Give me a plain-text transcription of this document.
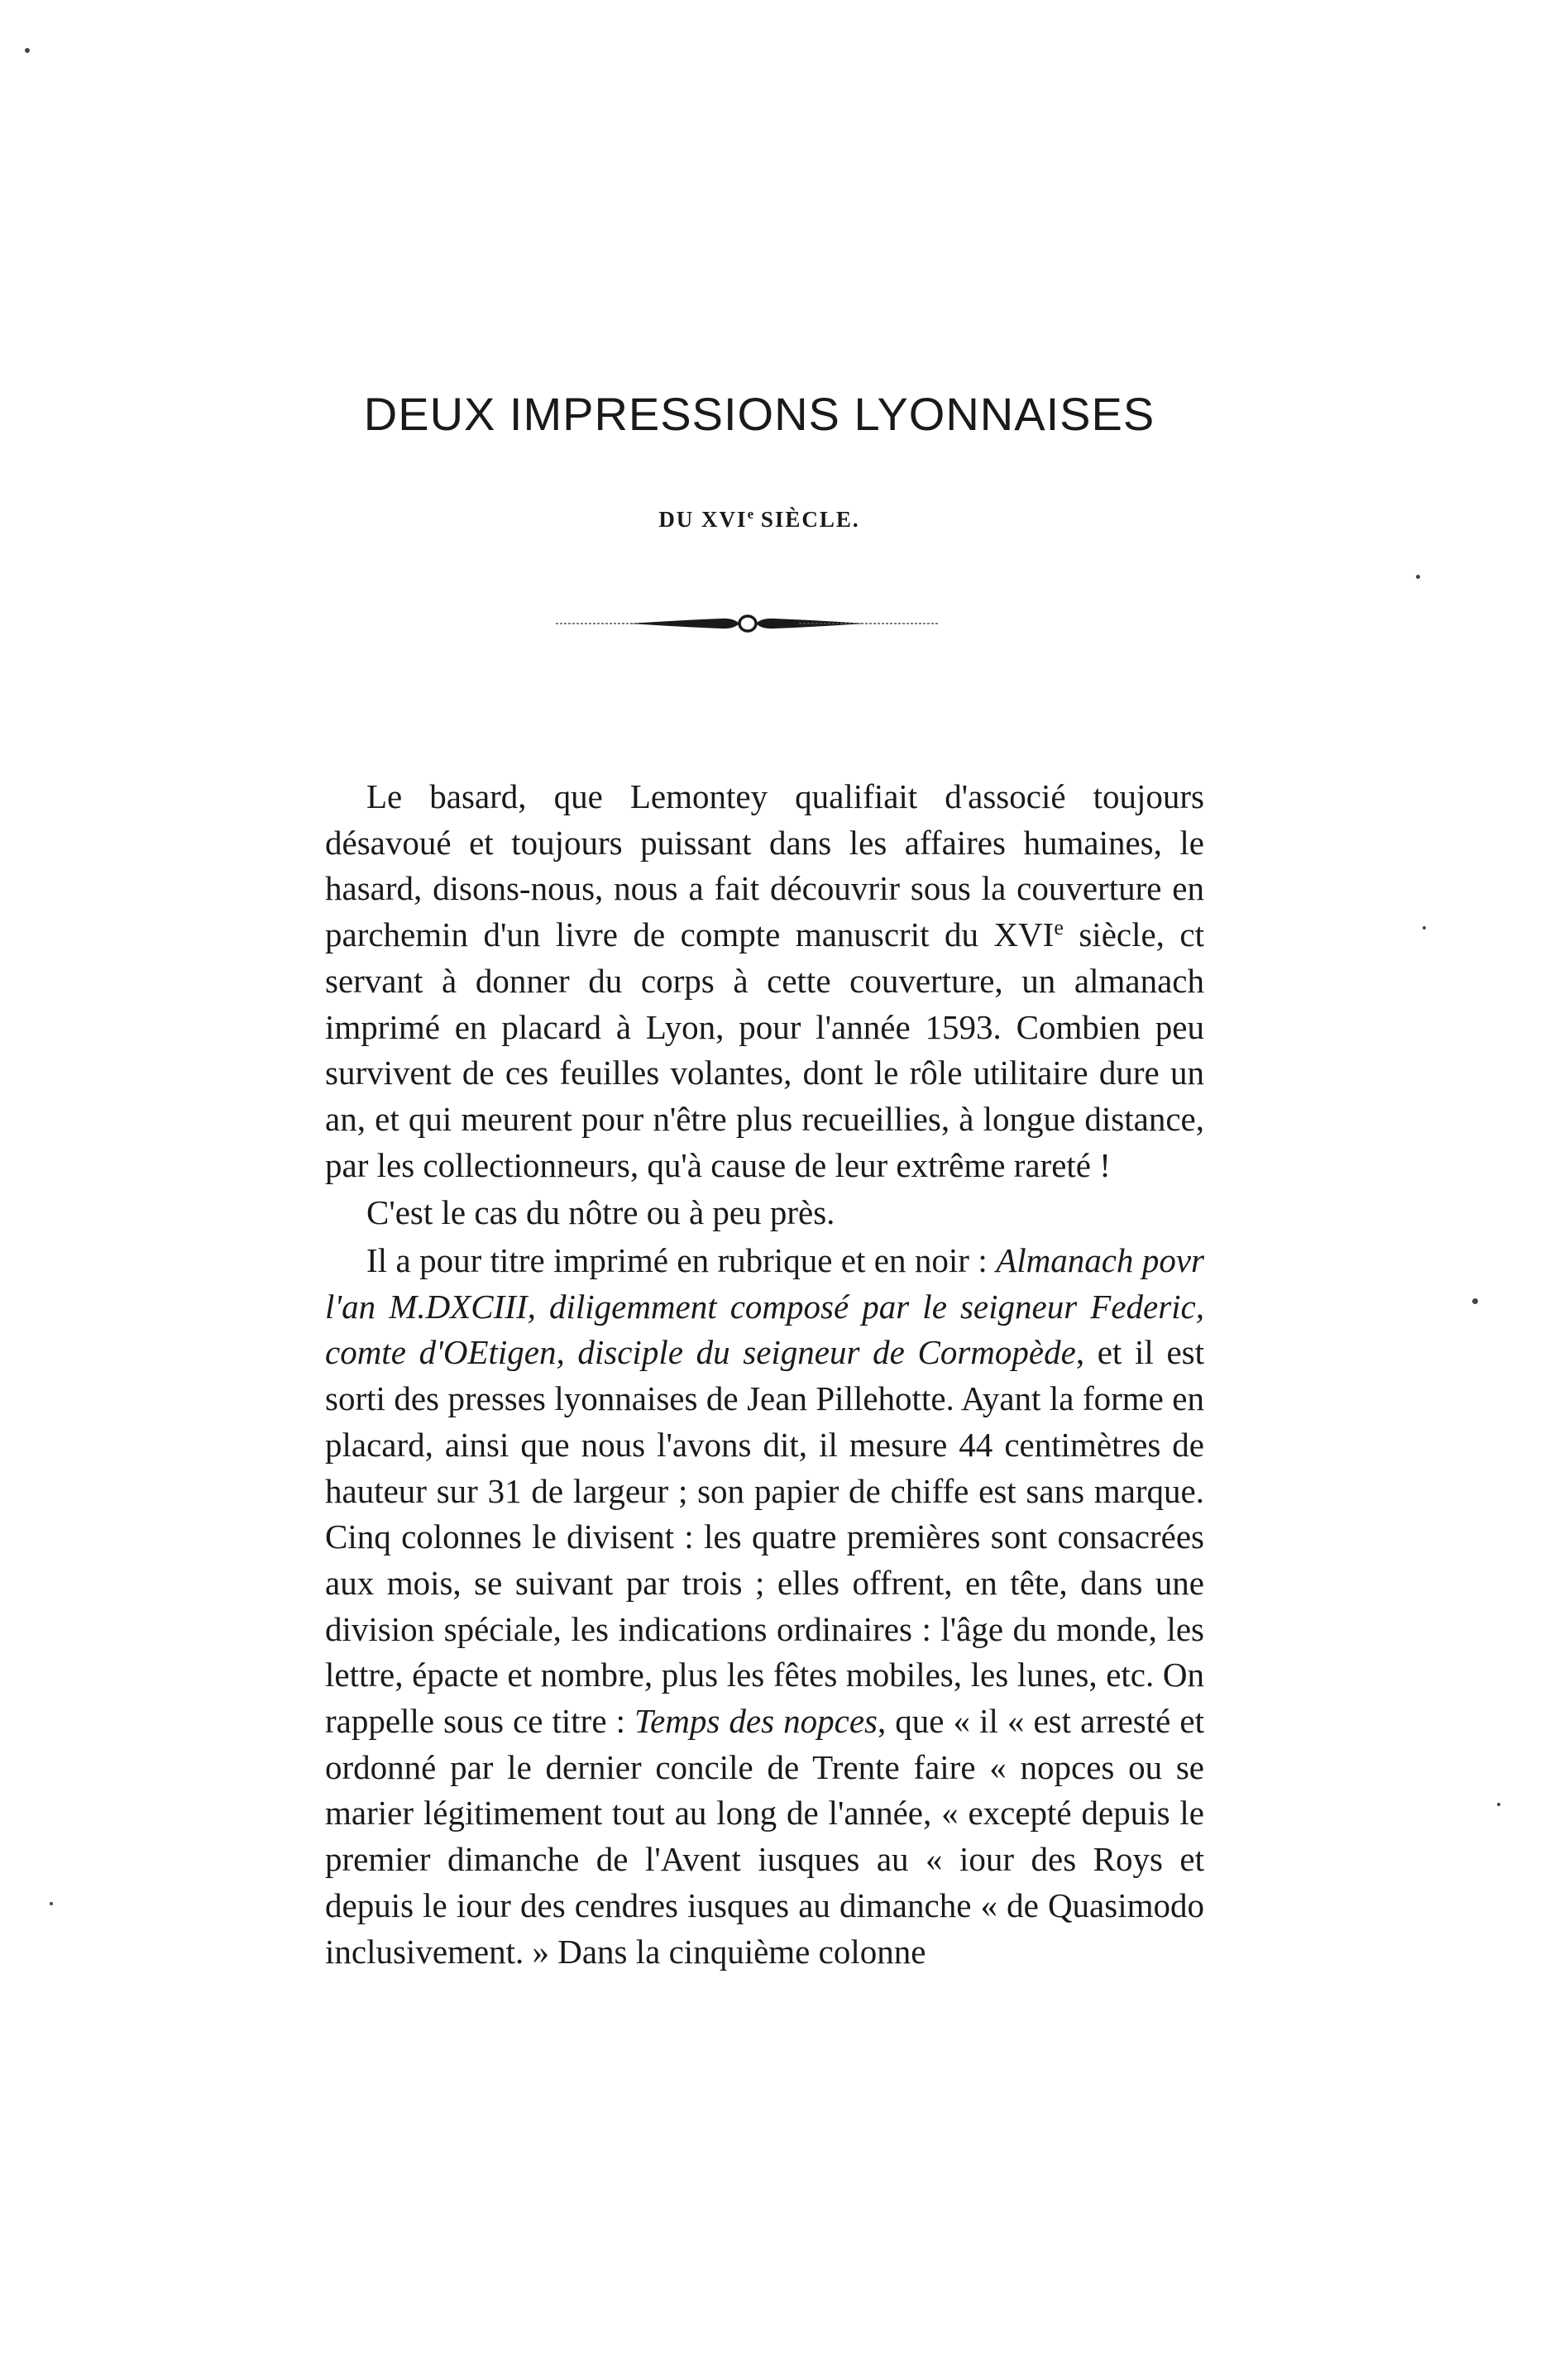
DEUX IMPRESSIONS LYONNAISES
DU XVIe SIÈCLE.

Le basard, que Lemontey qualifiait d'associé toujours désavoué et toujours puissant dans les affaires humaines, le hasard, disons-nous, nous a fait découvrir sous la couverture en parchemin d'un livre de compte manuscrit du XVIe siècle, ct servant à donner du corps à cette couverture, un almanach imprimé en placard à Lyon, pour l'année 1593. Combien peu survivent de ces feuilles volantes, dont le rôle utilitaire dure un an, et qui meurent pour n'être plus recueillies, à longue distance, par les collectionneurs, qu'à cause de leur extrême rareté !

C'est le cas du nôtre ou à peu près.

Il a pour titre imprimé en rubrique et en noir : Almanach povr l'an M.DXCIII, diligemment composé par le seigneur Federic, comte d'OEtigen, disciple du seigneur de Cormopède, et il est sorti des presses lyonnaises de Jean Pillehotte. Ayant la forme en placard, ainsi que nous l'avons dit, il mesure 44 centimètres de hauteur sur 31 de largeur ; son papier de chiffe est sans marque. Cinq colonnes le divisent : les quatre premières sont consacrées aux mois, se suivant par trois ; elles offrent, en tête, dans une division spéciale, les indications ordinaires : l'âge du monde, les lettre, épacte et nombre, plus les fêtes mobiles, les lunes, etc. On rappelle sous ce titre : Temps des nopces, que « il « est arresté et ordonné par le dernier concile de Trente faire « nopces ou se marier légitimement tout au long de l'année, « excepté depuis le premier dimanche de l'Avent iusques au « iour des Roys et depuis le iour des cendres iusques au dimanche « de Quasimodo inclusivement. » Dans la cinquième colonne
